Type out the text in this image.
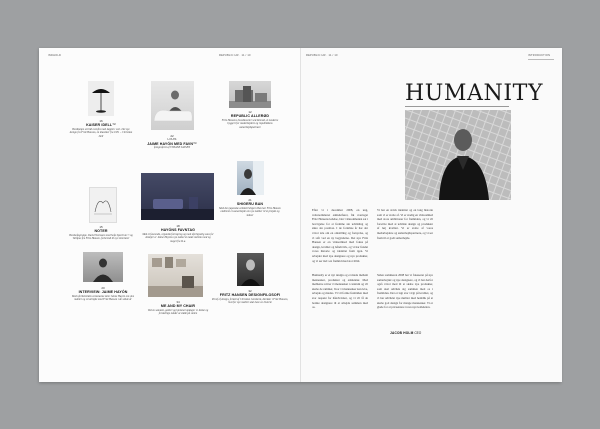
INDHOLD	REPUBLIC HR · 11 / 10
16
KAISER IDELL™
Bordlampe set lidt ovenfra med kuppel i sort. Det nye design fra Fritz Hansen, en klassiker fra 1931 – Christian Dell	22
LOUIS
JAIME HAYÓN MED FAVN™
fotograferet af VIVIANE SASSEN
12
REPUBLIC ALLERØD
Fritz Hansens hovedkvarter ved Allerød, et moderne byggeri for medarbejdere og republikkens samarbejdspartnere
15
NOTER
Bordsofagruppe, David Normann med Sofa Spectrum™ og Tullipus fra Fritz Hansen, forberedt til nye interiører
18
HAYÓNS FAVNTAG
Med et favnende, organisk formsprog og med uforlignelig sans for detaljer er Jaime Hayóns nye møbel et møde mellem mod og meget fra bl.a.
21
SHIGERU BAN
Med den japanske arkitekt Shigeru Ban har Fritz Hansen etableret et samarbejde om nye møbler til et projekt og skitser
20
INTERVIEW: JAIME HAYÓN
Med uforbeholden entusiasme taler Jaime Hayón om sine møbler og sit arbejde med Fritz Hansen i de sidste år
34
ME AND MY CHAIR
Ved en samtale, galleri og hjemmet opdager vi Jaime og forskellige måder at sidde på stolen
32
FRITZ HANSEN DESIGNFILOSOFI
Proof of design, fortalt af Christian Gronbeck, direktør i Fritz Hansen, hvorfor nye møbler skal have en historie
REPUBLIC HR · 11 / 10	INTRODUKTION
HUMANITY
Efter vi i december 2008, en ung, velrenommeret arkitektfører, fik overtaget Fritz Hansens ledelse, blev virksomheden sat i bevægelse for at fremme sin udvikling og sikre sin position. I de forløbne år har der været tale om en omstilling og fornyelse, og vi står ved en ny begyndelse. Det nye Fritz Hansen er en virksomhed med fokus på design, kvalitet og håndværk, og vi har fundet vores historie og identitet frem igen. Vi arbejder med nye designere og nye produkter, og vi ser ind i en fremtid med stor tillid.
Humanity er et nyt design og et møde mellem mennesker, produkter og arkitektur. Med møblerne sætter vi mennesket i centrum og vil skabe de rammer, hvor vi mennesker kan leve, arbejde og mødes. Vi vil forme fremtiden med stor respekt for håndværket, og vi vil få de bedste designere til at arbejde sammen med os.
Vi har en stærk identitet og en lang historie som vi er stolte af. Vi er stadig en virksomhed med store ambitioner for fremtiden, og vi vil forsætte med at udvikle design og produkter af høj kvalitet. Vi er stolte af vores medarbejdere og samarbejdspartnere, og vi ser frem til et godt samarbejde.
Siden sommeren 2008 har vi fokuseret på nye samarbejder og nye designere, og vi har derfor også været med til at skabe nye produkter, som skal udvikle sig sammen med os i fremtiden. Der er lagt stor vægt på kvalitet, og vi har udviklet nye møbler med henblik på at skabe god design for mange mennesker. Vi er glade for at præsentere vores nye kollektion.
JACOB HOLM CEO
